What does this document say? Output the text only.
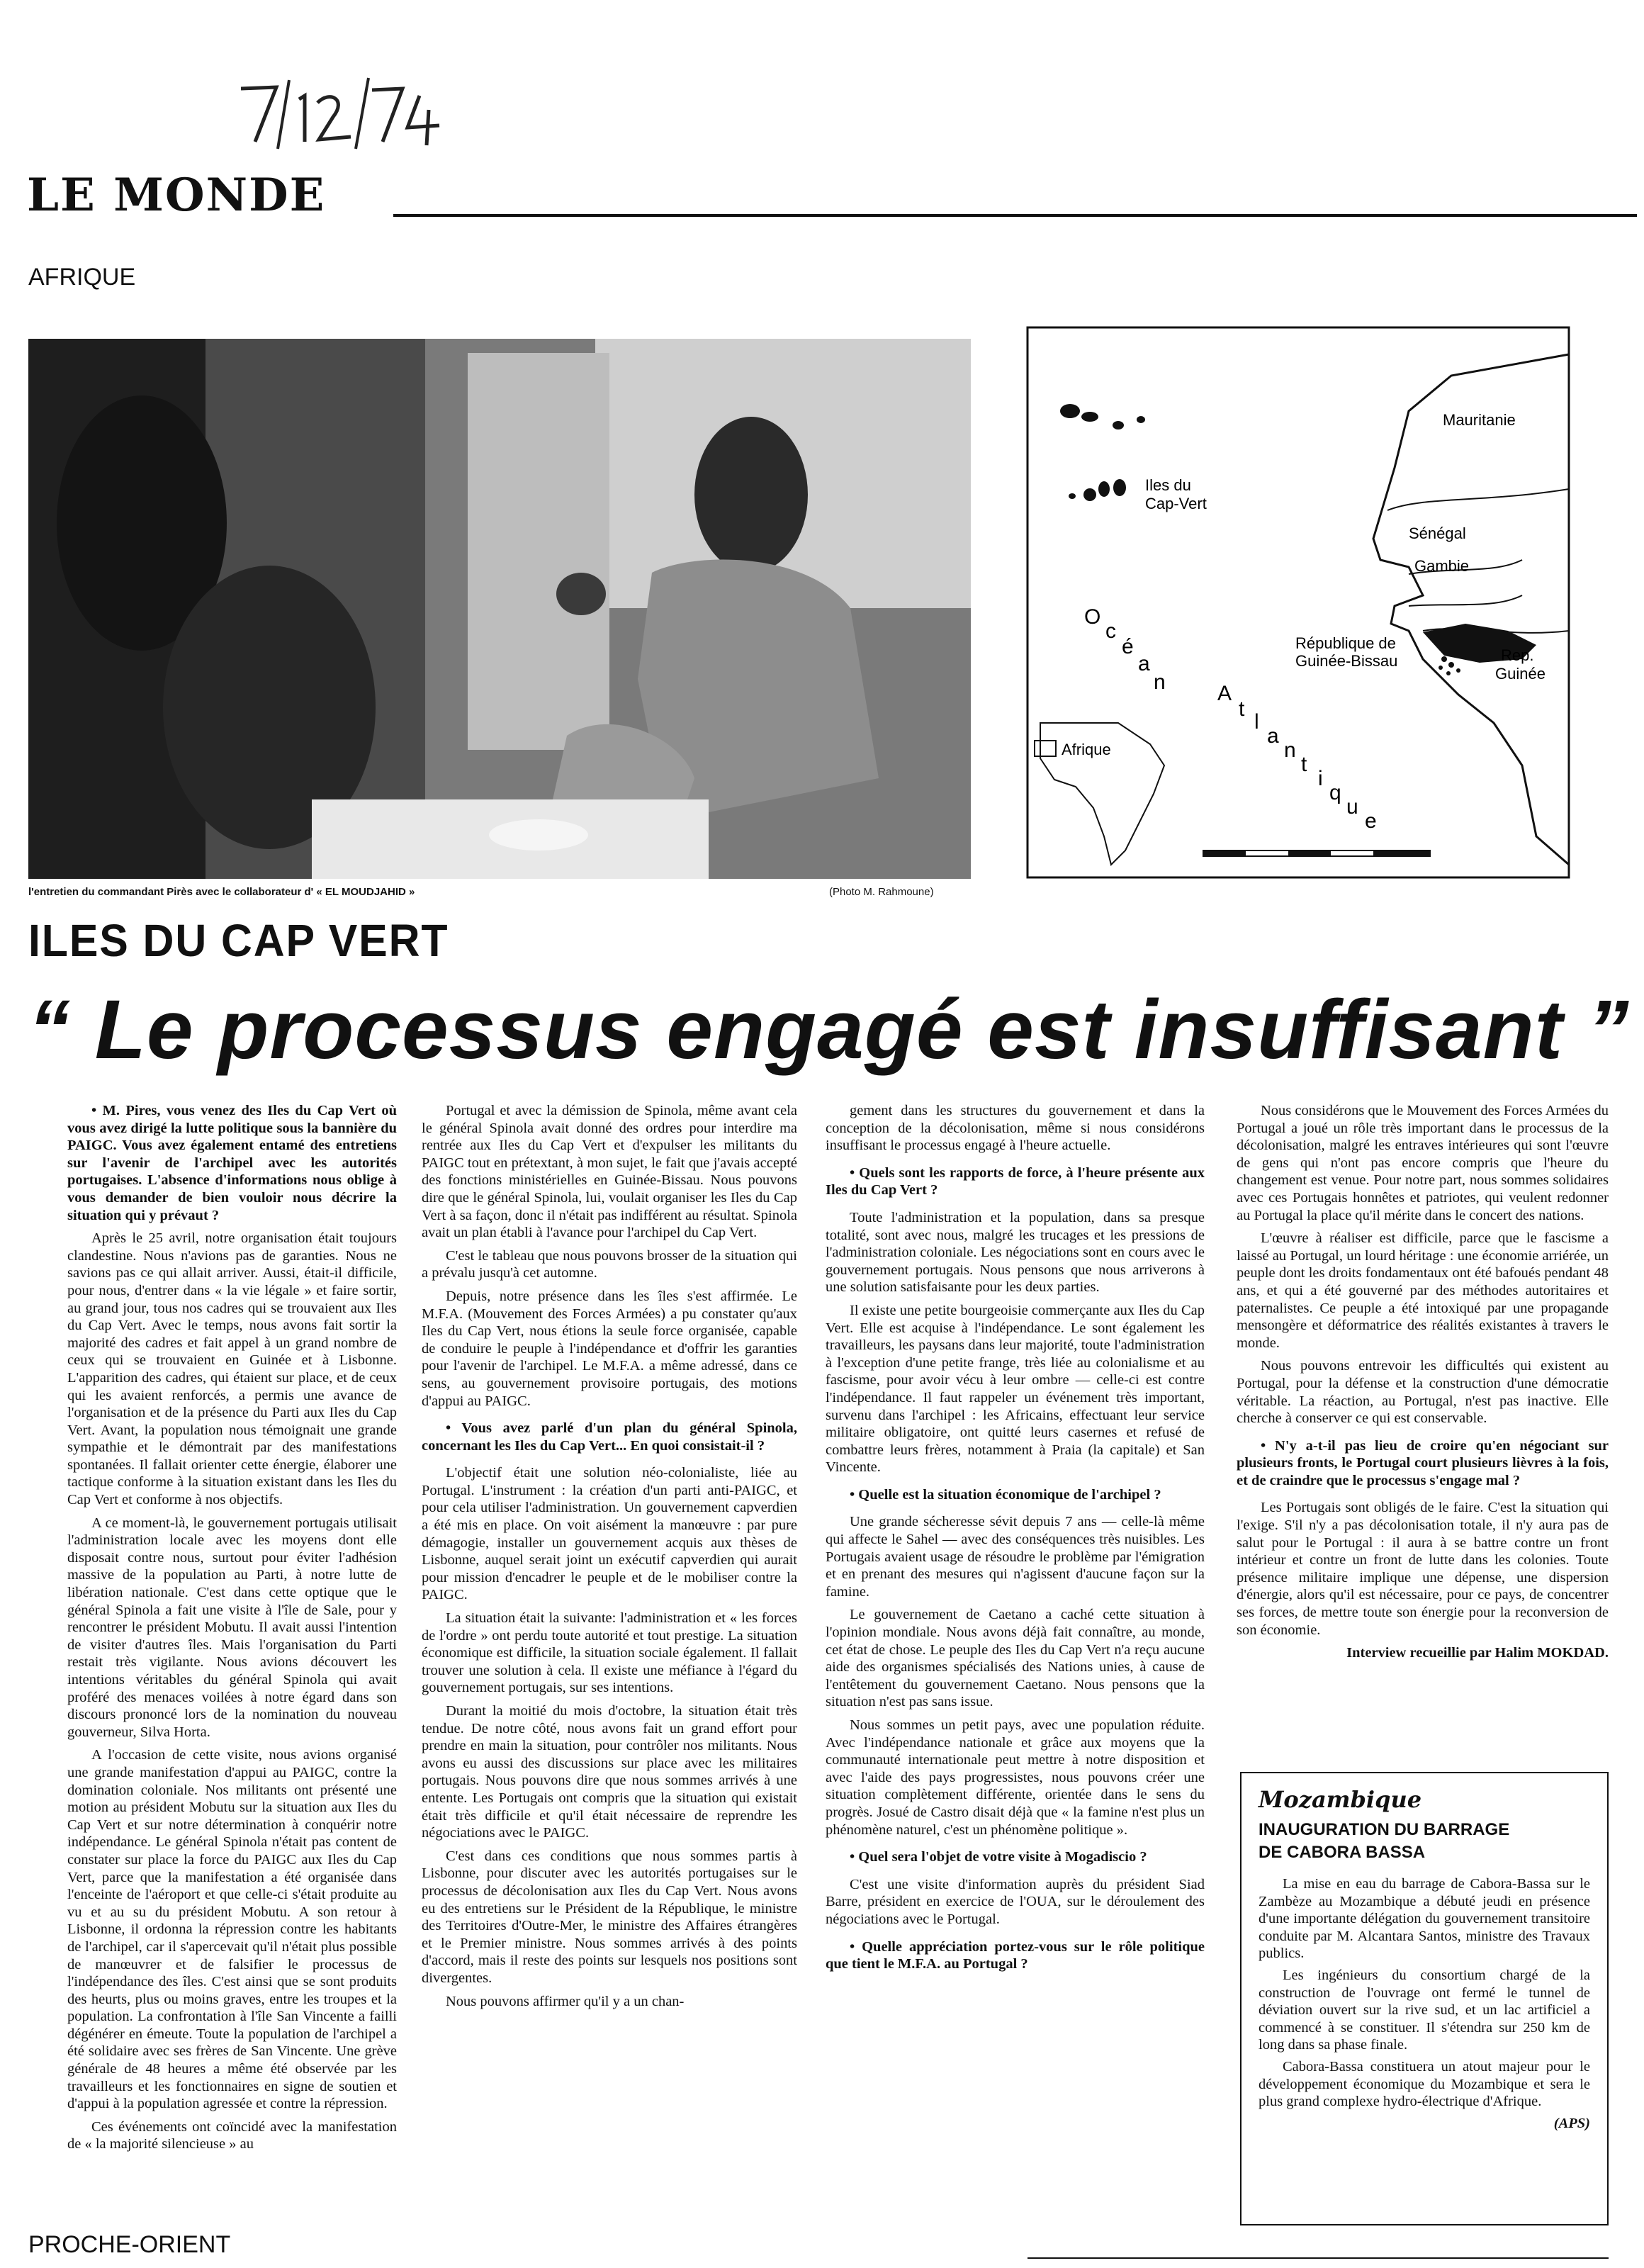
LE MONDE
AFRIQUE
l'entretien du commandant Pirès avec le collaborateur d' « EL MOUDJAHID »	(Photo M. Rahmoune)
Mauritanie
Iles du
Cap-Vert
Sénégal
Gambie
République de
Guinée-Bissau	Rep.
Guinée
O
c
é
a
n A
t
l
a
n
t
i
q
u
e
Afrique
ILES DU CAP VERT
“ Le processus engagé est insuffisant ”

• M. Pires, vous venez des Iles du Cap Vert où vous avez dirigé la lutte politique sous la bannière du PAIGC. Vous avez également entamé des entretiens sur l'avenir de l'archipel avec les autorités portugaises. L'absence d'informations nous oblige à vous demander de bien vouloir nous décrire la situation qui y prévaut ?

Après le 25 avril, notre organisation était toujours clandestine. Nous n'avions pas de garanties. Nous ne savions pas ce qui allait arriver. Aussi, était-il difficile, pour nous, d'entrer dans « la vie légale » et faire sortir, au grand jour, tous nos cadres qui se trouvaient aux Iles du Cap Vert. Avec le temps, nous avons fait sortir la majorité des cadres et fait appel à un grand nombre de ceux qui se trouvaient en Guinée et à Lisbonne. L'apparition des cadres, qui étaient sur place, et de ceux qui les avaient renforcés, a permis une avance de l'organisation et de la présence du Parti aux Iles du Cap Vert. Avant, la population nous témoignait une grande sympathie et le démontrait par des manifestations spontanées. Il fallait orienter cette énergie, élaborer une tactique conforme à la situation existant dans les Iles du Cap Vert et conforme à nos objectifs.

A ce moment-là, le gouvernement portugais utilisait l'administration locale avec les moyens dont elle disposait contre nous, surtout pour éviter l'adhésion massive de la population au Parti, à notre lutte de libération nationale. C'est dans cette optique que le général Spinola a fait une visite à l'île de Sale, pour y rencontrer le président Mobutu. Il avait aussi l'intention de visiter d'autres îles. Mais l'organisation du Parti restait très vigilante. Nous avions découvert les intentions véritables du général Spinola qui avait proféré des menaces voilées à notre égard dans son discours prononcé lors de la nomination du nouveau gouverneur, Silva Horta.

A l'occasion de cette visite, nous avions organisé une grande manifestation d'appui au PAIGC, contre la domination coloniale. Nos militants ont présenté une motion au président Mobutu sur la situation aux Iles du Cap Vert et sur notre détermination à conquérir notre indépendance. Le général Spinola n'était pas content de constater sur place la force du PAIGC aux Iles du Cap Vert, parce que la manifestation a été organisée dans l'enceinte de l'aéroport et que celle-ci s'était produite au vu et au su du président Mobutu. A son retour à Lisbonne, il ordonna la répression contre les habitants de l'archipel, car il s'apercevait qu'il n'était plus possible de manœuvrer et de falsifier le processus de l'indépendance des îles. C'est ainsi que se sont produits des heurts, plus ou moins graves, entre les troupes et la population. La confrontation à l'île San Vincente a failli dégénérer en émeute. Toute la population de l'archipel a été solidaire avec ses frères de San Vincente. Une grève générale de 48 heures a même été observée par les travailleurs et les fonctionnaires en signe de soutien et d'appui à la population agressée et contre la répression.

Ces événements ont coïncidé avec la manifestation de « la majorité silencieuse » au

Portugal et avec la démission de Spinola, même avant cela le général Spinola avait donné des ordres pour interdire ma rentrée aux Iles du Cap Vert et d'expulser les militants du PAIGC tout en prétextant, à mon sujet, le fait que j'avais accepté des fonctions ministérielles en Guinée-Bissau. Nous pouvons dire que le général Spinola, lui, voulait organiser les Iles du Cap Vert à sa façon, donc il n'était pas indifférent au résultat. Spinola avait un plan établi à l'avance pour l'archipel du Cap Vert.

C'est le tableau que nous pouvons brosser de la situation qui a prévalu jusqu'à cet automne.

Depuis, notre présence dans les îles s'est affirmée. Le M.F.A. (Mouvement des Forces Armées) a pu constater qu'aux Iles du Cap Vert, nous étions la seule force organisée, capable de conduire le peuple à l'indépendance et d'offrir les garanties pour l'avenir de l'archipel. Le M.F.A. a même adressé, dans ce sens, au gouvernement provisoire portugais, des motions d'appui au PAIGC.

• Vous avez parlé d'un plan du général Spinola, concernant les Iles du Cap Vert... En quoi consistait-il ?

L'objectif était une solution néo-colonialiste, liée au Portugal. L'instrument : la création d'un parti anti-PAIGC, et pour cela utiliser l'administration. Un gouvernement capverdien a été mis en place. On voit aisément la manœuvre : par pure démagogie, installer un gouvernement acquis aux thèses de Lisbonne, auquel serait joint un exécutif capverdien qui aurait pour mission d'encadrer le peuple et de le mobiliser contre la PAIGC.

La situation était la suivante: l'administration et « les forces de l'ordre » ont perdu toute autorité et tout prestige. La situation économique est difficile, la situation sociale également. Il fallait trouver une solution à cela. Il existe une méfiance à l'égard du gouvernement portugais, sur ses intentions.

Durant la moitié du mois d'octobre, la situation était très tendue. De notre côté, nous avons fait un grand effort pour prendre en main la situation, pour contrôler nos militants. Nous avons eu aussi des discussions sur place avec les militaires portugais. Nous pouvons dire que nous sommes arrivés à une entente. Les Portugais ont compris que la situation qui existait était très difficile et qu'il était nécessaire de reprendre les négociations avec le PAIGC.

C'est dans ces conditions que nous sommes partis à Lisbonne, pour discuter avec les autorités portugaises sur le processus de décolonisation aux Iles du Cap Vert. Nous avons eu des entretiens sur le Président de la République, le ministre des Territoires d'Outre-Mer, le ministre des Affaires étrangères et le Premier ministre. Nous sommes arrivés à des points d'accord, mais il reste des points sur lesquels nos positions sont divergentes.

Nous pouvons affirmer qu'il y a un chan-

gement dans les structures du gouvernement et dans la conception de la décolonisation, même si nous considérons insuffisant le processus engagé à l'heure actuelle.

• Quels sont les rapports de force, à l'heure présente aux Iles du Cap Vert ?

Toute l'administration et la population, dans sa presque totalité, sont avec nous, malgré les trucages et les pressions de l'administration coloniale. Les négociations sont en cours avec le gouvernement portugais. Nous pensons que nous arriverons à une solution satisfaisante pour les deux parties.

Il existe une petite bourgeoisie commerçante aux Iles du Cap Vert. Elle est acquise à l'indépendance. Le sont également les travailleurs, les paysans dans leur majorité, toute l'administration à l'exception d'une petite frange, très liée au colonialisme et au fascisme, pour avoir vécu à leur ombre — celle-ci est contre l'indépendance. Il faut rappeler un événement très important, survenu dans l'archipel : les Africains, effectuant leur service militaire obligatoire, ont quitté leurs casernes et refusé de combattre leurs frères, notamment à Praia (la capitale) et San Vincente.

• Quelle est la situation économique de l'archipel ?

Une grande sécheresse sévit depuis 7 ans — celle-là même qui affecte le Sahel — avec des conséquences très nuisibles. Les Portugais avaient usage de résoudre le problème par l'émigration et en prenant des mesures qui n'agissent d'aucune façon sur la famine.

Le gouvernement de Caetano a caché cette situation à l'opinion mondiale. Nous avons déjà fait connaître, au monde, cet état de chose. Le peuple des Iles du Cap Vert n'a reçu aucune aide des organismes spécialisés des Nations unies, à cause de l'entêtement du gouvernement Caetano. Nous pensons que la situation n'est pas sans issue.

Nous sommes un petit pays, avec une population réduite. Avec l'indépendance nationale et grâce aux moyens que la communauté internationale peut mettre à notre disposition et avec l'aide des pays progressistes, nous pouvons créer une situation complètement différente, orientée dans le sens du progrès. Josué de Castro disait déjà que « la famine n'est plus un phénomène naturel, c'est un phénomène politique ».

• Quel sera l'objet de votre visite à Mogadiscio ?

C'est une visite d'information auprès du président Siad Barre, président en exercice de l'OUA, sur le déroulement des négociations avec le Portugal.

• Quelle appréciation portez-vous sur le rôle politique que tient le M.F.A. au Portugal ?

Nous considérons que le Mouvement des Forces Armées du Portugal a joué un rôle très important dans le processus de la décolonisation, malgré les entraves intérieures qui sont l'œuvre de gens qui n'ont pas encore compris que l'heure du changement est venue. Pour notre part, nous sommes solidaires avec ces Portugais honnêtes et patriotes, qui veulent redonner au Portugal la place qu'il mérite dans le concert des nations.

L'œuvre à réaliser est difficile, parce que le fascisme a laissé au Portugal, un lourd héritage : une économie arriérée, un peuple dont les droits fondamentaux ont été bafoués pendant 48 ans, et qui a été gouverné par des méthodes autoritaires et paternalistes. Ce peuple a été intoxiqué par une propagande mensongère et déformatrice des réalités existantes à travers le monde.

Nous pouvons entrevoir les difficultés qui existent au Portugal, pour la défense et la construction d'une démocratie véritable. La réaction, au Portugal, n'est pas inactive. Elle cherche à conserver ce qui est conservable.

• N'y a-t-il pas lieu de croire qu'en négociant sur plusieurs fronts, le Portugal court plusieurs lièvres à la fois, et de craindre que le processus s'engage mal ?

Les Portugais sont obligés de le faire. C'est la situation qui l'exige. S'il n'y a pas décolonisation totale, il n'y aura pas de salut pour le Portugal : il aura à se battre contre un front intérieur et contre un front de lutte dans les colonies. Toute présence militaire implique une dépense, une dispersion d'énergie, alors qu'il est nécessaire, pour ce pays, de concentrer ses forces, de mettre toute son énergie pour la reconversion de son économie.

Interview recueillie par Halim MOKDAD.

Mozambique
INAUGURATION DU BARRAGE
DE CABORA BASSA

La mise en eau du barrage de Cabora-Bassa sur le Zambèze au Mozambique a débuté jeudi en présence d'une importante délégation du gouvernement transitoire conduite par M. Alcantara Santos, ministre des Travaux publics.

Les ingénieurs du consortium chargé de la construction de l'ouvrage ont fermé le tunnel de déviation ouvert sur la rive sud, et un lac artificiel a commencé à se constituer. Il s'étendra sur 250 km de long dans sa phase finale.

Cabora-Bassa constituera un atout majeur pour le développement économique du Mozambique et sera le plus grand complexe hydro-électrique d'Afrique.

(APS)

PROCHE-ORIENT
